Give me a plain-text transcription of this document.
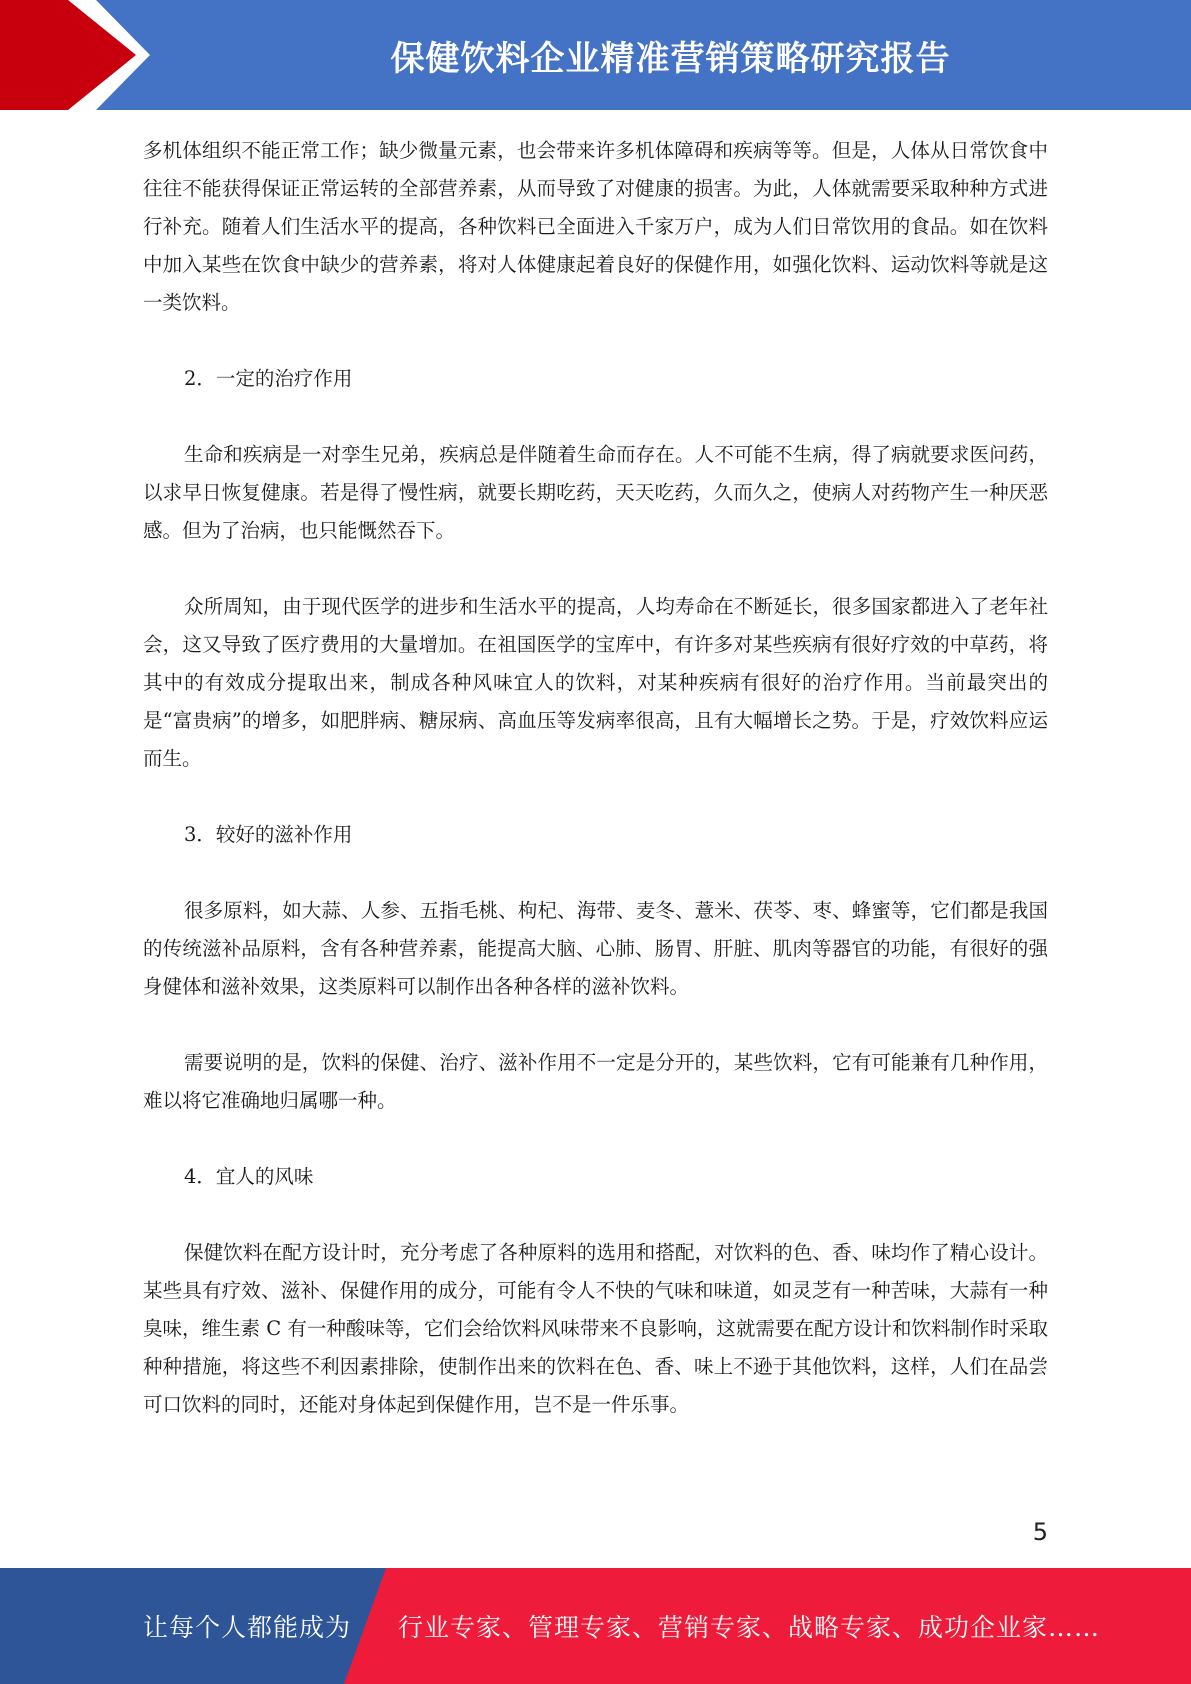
保健饮料企业精准营销策略研究报告

多机体组织不能正常工作；缺少微量元素，也会带来许多机体障碍和疾病等等。但是，人体从日常饮食中往往不能获得保证正常运转的全部营养素，从而导致了对健康的损害。为此，人体就需要采取种种方式进行补充。随着人们生活水平的提高，各种饮料已全面进入千家万户，成为人们日常饮用的食品。如在饮料中加入某些在饮食中缺少的营养素，将对人体健康起着良好的保健作用，如强化饮料、运动饮料等就是这一类饮料。

2．一定的治疗作用

生命和疾病是一对孪生兄弟，疾病总是伴随着生命而存在。人不可能不生病，得了病就要求医问药，以求早日恢复健康。若是得了慢性病，就要长期吃药，天天吃药，久而久之，使病人对药物产生一种厌恶感。但为了治病，也只能慨然吞下。

众所周知，由于现代医学的进步和生活水平的提高，人均寿命在不断延长，很多国家都进入了老年社会，这又导致了医疗费用的大量增加。在祖国医学的宝库中，有许多对某些疾病有很好疗效的中草药，将其中的有效成分提取出来，制成各种风味宜人的饮料，对某种疾病有很好的治疗作用。当前最突出的是“富贵病”的增多，如肥胖病、糖尿病、高血压等发病率很高，且有大幅增长之势。于是，疗效饮料应运而生。

3．较好的滋补作用

很多原料，如大蒜、人参、五指毛桃、枸杞、海带、麦冬、薏米、茯苓、枣、蜂蜜等，它们都是我国的传统滋补品原料，含有各种营养素，能提高大脑、心肺、肠胃、肝脏、肌肉等器官的功能，有很好的强身健体和滋补效果，这类原料可以制作出各种各样的滋补饮料。

需要说明的是，饮料的保健、治疗、滋补作用不一定是分开的，某些饮料，它有可能兼有几种作用，难以将它准确地归属哪一种。

4．宜人的风味

保健饮料在配方设计时，充分考虑了各种原料的选用和搭配，对饮料的色、香、味均作了精心设计。某些具有疗效、滋补、保健作用的成分，可能有令人不快的气味和味道，如灵芝有一种苦味，大蒜有一种臭味，维生素 C 有一种酸味等，它们会给饮料风味带来不良影响，这就需要在配方设计和饮料制作时采取种种措施，将这些不利因素排除，使制作出来的饮料在色、香、味上不逊于其他饮料，这样，人们在品尝可口饮料的同时，还能对身体起到保健作用，岂不是一件乐事。

5
让每个人都能成为 行业专家、管理专家、营销专家、战略专家、成功企业家……
